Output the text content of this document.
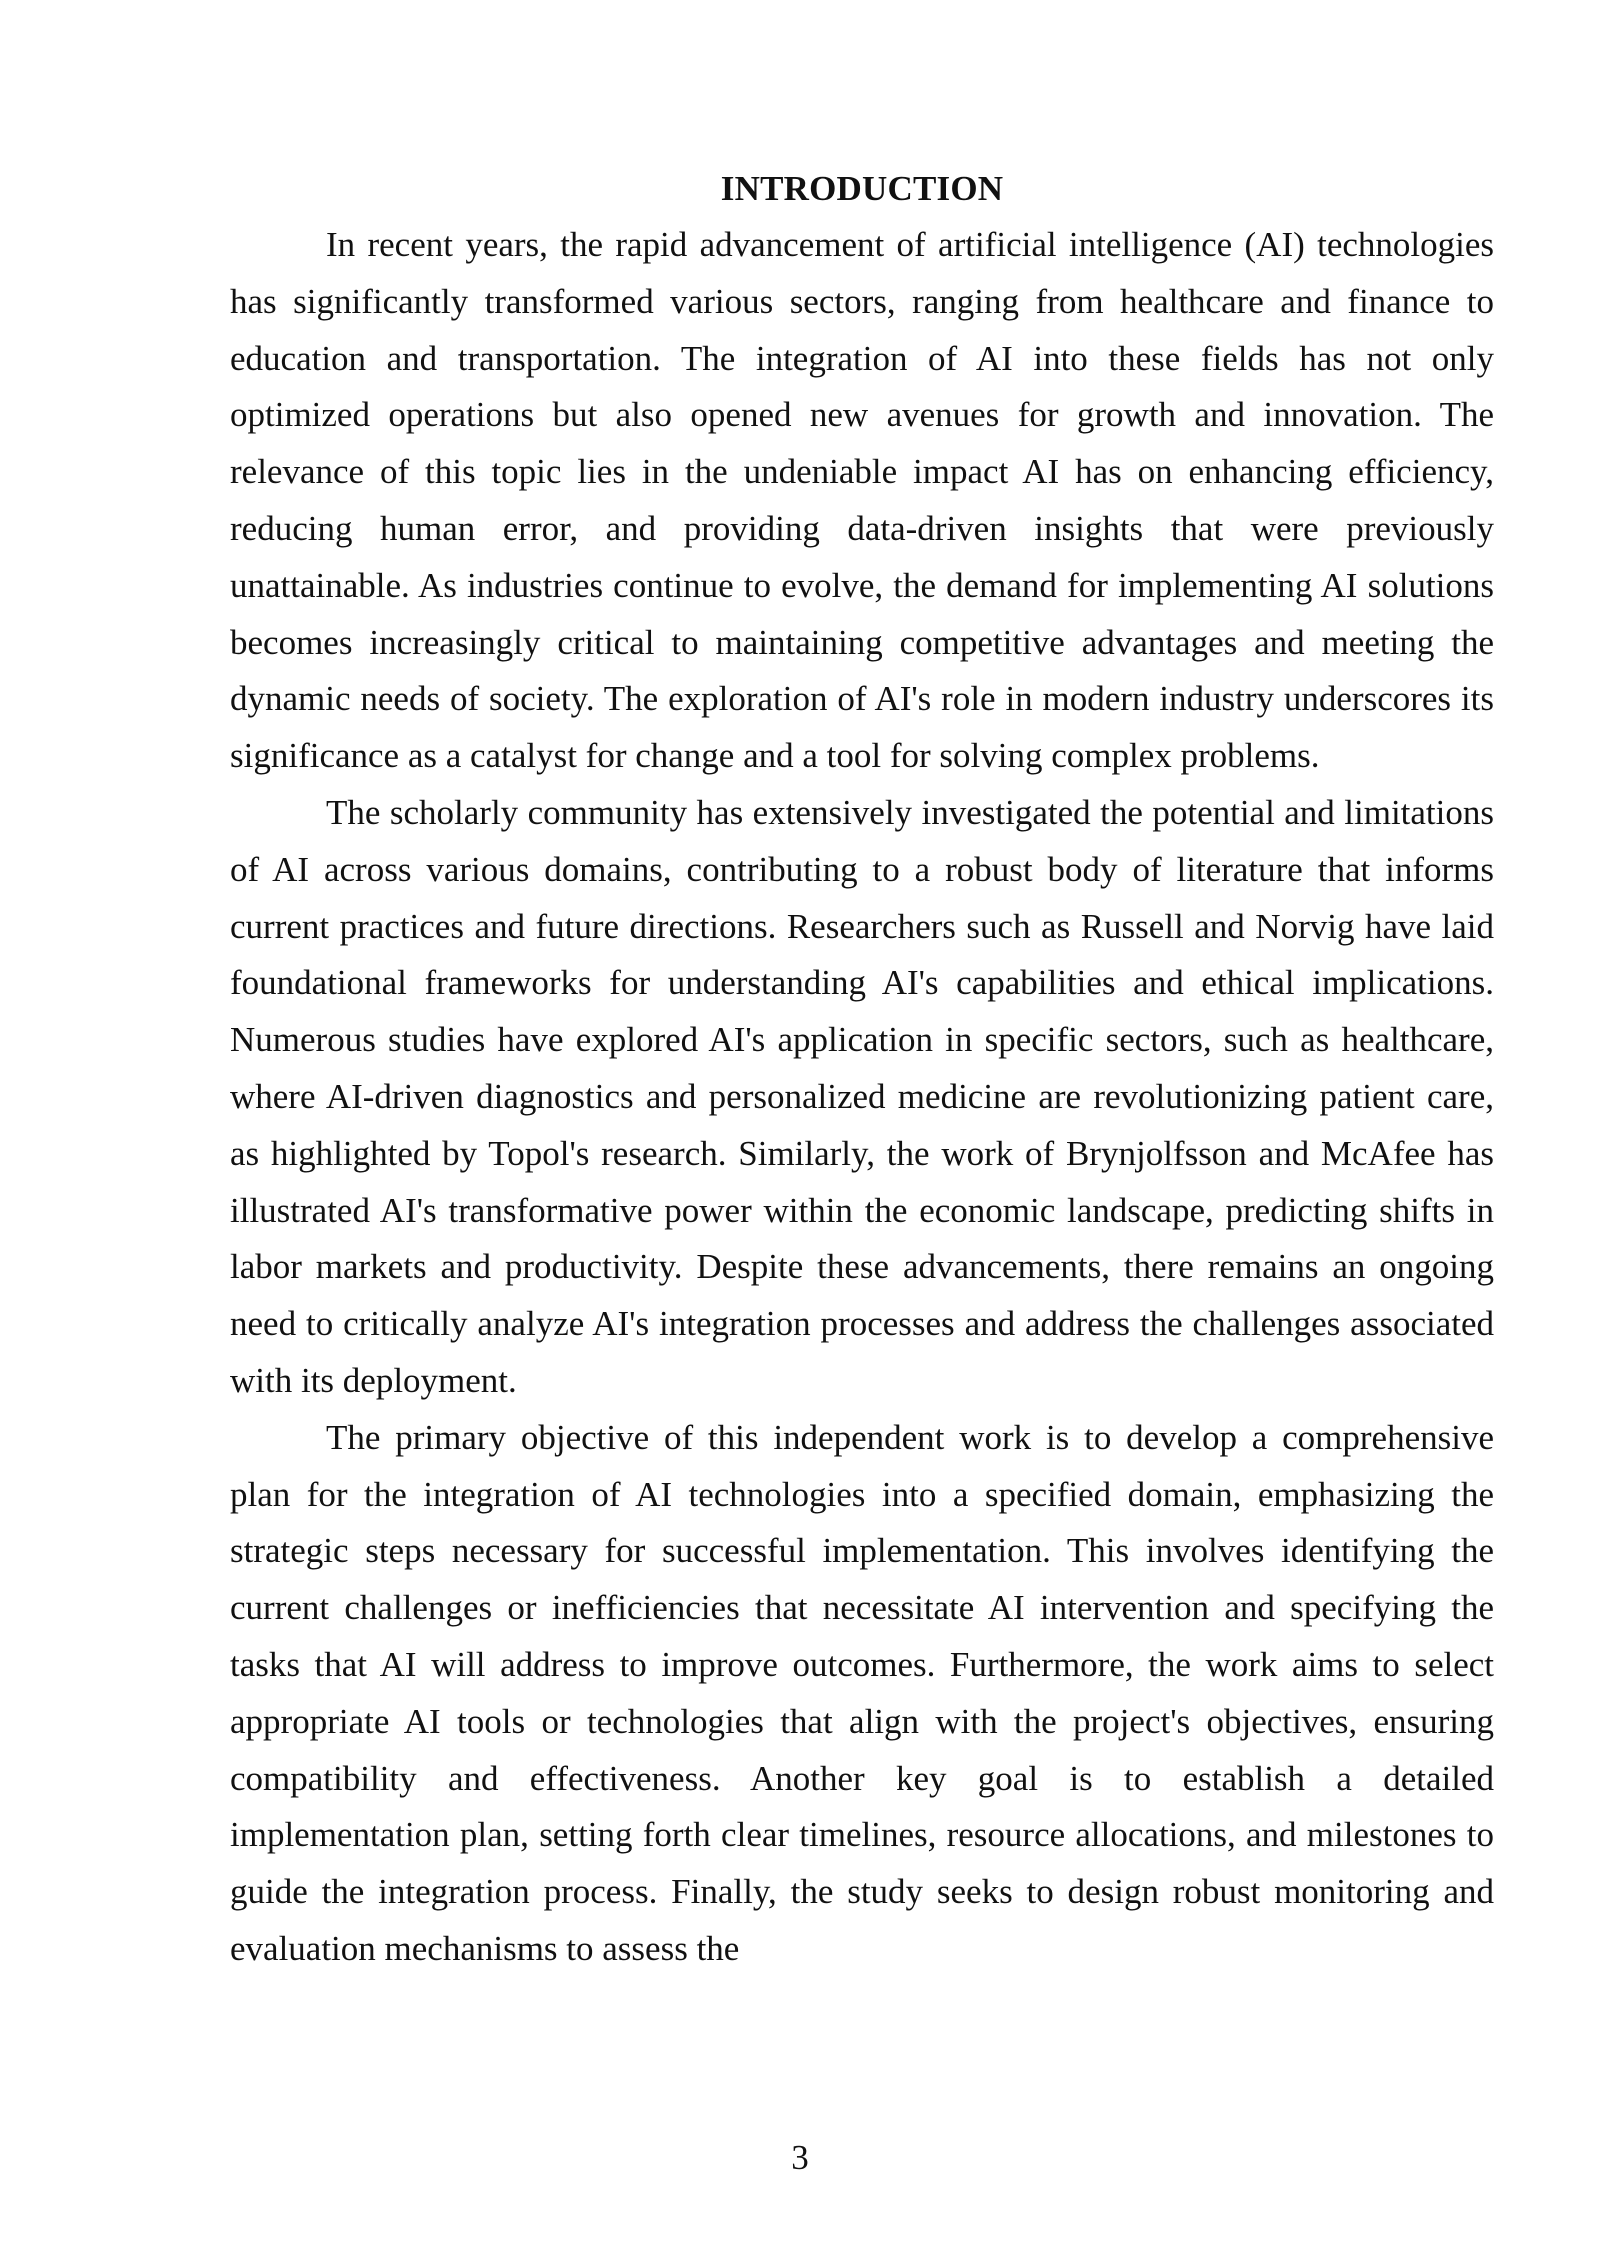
INTRODUCTION

In recent years, the rapid advancement of artificial intelligence (AI) technologies has significantly transformed various sectors, ranging from healthcare and finance to education and transportation. The integration of AI into these fields has not only optimized operations but also opened new avenues for growth and innovation. The relevance of this topic lies in the undeniable impact AI has on enhancing efficiency, reducing human error, and providing data-driven insights that were previously unattainable. As industries continue to evolve, the demand for implementing AI solutions becomes increasingly critical to maintaining competitive advantages and meeting the dynamic needs of society. The exploration of AI's role in modern industry underscores its significance as a catalyst for change and a tool for solving complex problems.

The scholarly community has extensively investigated the potential and limitations of AI across various domains, contributing to a robust body of literature that informs current practices and future directions. Researchers such as Russell and Norvig have laid foundational frameworks for understanding AI's capabilities and ethical implications. Numerous studies have explored AI's application in specific sectors, such as healthcare, where AI-driven diagnostics and personalized medicine are revolutionizing patient care, as highlighted by Topol's research. Similarly, the work of Brynjolfsson and McAfee has illustrated AI's transformative power within the economic landscape, predicting shifts in labor markets and productivity. Despite these advancements, there remains an ongoing need to critically analyze AI's integration processes and address the challenges associated with its deployment.

The primary objective of this independent work is to develop a comprehensive plan for the integration of AI technologies into a specified domain, emphasizing the strategic steps necessary for successful implementation. This involves identifying the current challenges or inefficiencies that necessitate AI intervention and specifying the tasks that AI will address to improve outcomes. Furthermore, the work aims to select appropriate AI tools or technologies that align with the project's objectives, ensuring compatibility and effectiveness. Another key goal is to establish a detailed implementation plan, setting forth clear timelines, resource allocations, and milestones to guide the integration process. Finally, the study seeks to design robust monitoring and evaluation mechanisms to assess the

3
